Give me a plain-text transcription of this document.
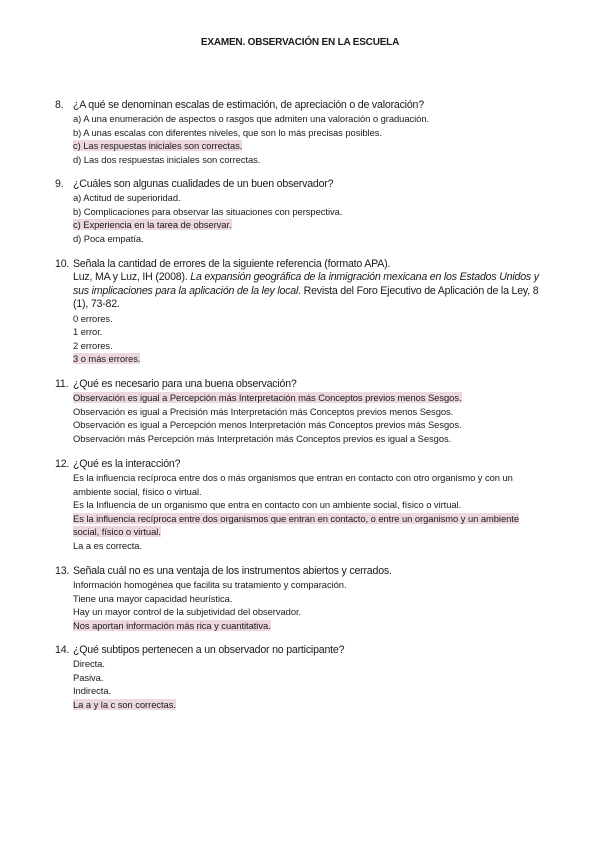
EXAMEN. OBSERVACIÓN EN LA ESCUELA
8. ¿A qué se denominan escalas de estimación, de apreciación o de valoración?
a) A una enumeración de aspectos o rasgos que admiten una valoración o graduación.
b) A unas escalas con diferentes niveles, que son lo más precisas posibles.
c) Las respuestas iniciales son correctas.
d) Las dos respuestas iniciales son correctas.
9. ¿Cuáles son algunas cualidades de un buen observador?
a) Actitud de superioridad.
b) Complicaciones para observar las situaciones con perspectiva.
c) Experiencia en la tarea de observar.
d) Poca empatía.
10. Señala la cantidad de errores de la siguiente referencia (formato APA).
Luz, MA y Luz, IH (2008). La expansión geográfica de la inmigración mexicana en los Estados Unidos y sus implicaciones para la aplicación de la ley local. Revista del Foro Ejecutivo de Aplicación de la Ley, 8 (1), 73-82.
0 errores.
1 error.
2 errores.
3 o más errores.
11. ¿Qué es necesario para una buena observación?
Observación es igual a Percepción más Interpretación más Conceptos previos menos Sesgos.
Observación es igual a Precisión más Interpretación más Conceptos previos menos Sesgos.
Observación es igual a Percepción menos Interpretación más Conceptos previos más Sesgos.
Observación más Percepción más Interpretación más Conceptos previos es igual a Sesgos.
12. ¿Qué es la interacción?
Es la influencia recíproca entre dos o más organismos que entran en contacto con otro organismo y con un ambiente social, físico o virtual.
Es la Influencia de un organismo que entra en contacto con un ambiente social, físico o virtual.
Es la influencia recíproca entre dos organismos que entran en contacto, o entre un organismo y un ambiente social, físico o virtual.
La a es correcta.
13. Señala cuál no es una ventaja de los instrumentos abiertos y cerrados.
Información homogénea que facilita su tratamiento y comparación.
Tiene una mayor capacidad heurística.
Hay un mayor control de la subjetividad del observador.
Nos aportan información más rica y cuantitativa.
14. ¿Qué subtipos pertenecen a un observador no participante?
Directa.
Pasiva.
Indirecta.
La a y la c son correctas.
